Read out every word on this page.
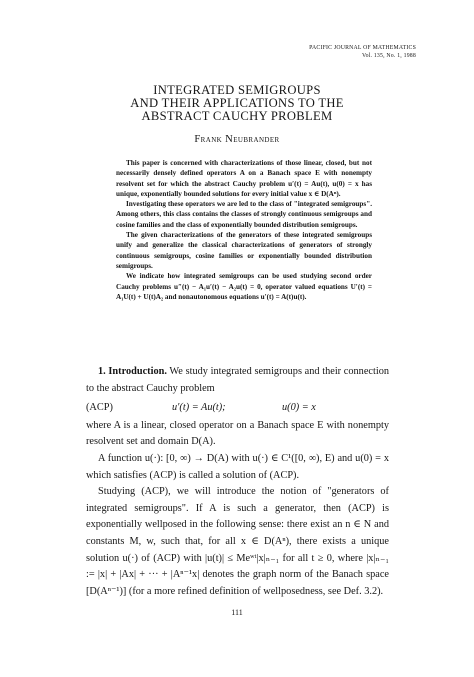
PACIFIC JOURNAL OF MATHEMATICS
Vol. 135, No. 1, 1988
INTEGRATED SEMIGROUPS
AND THEIR APPLICATIONS TO THE
ABSTRACT CAUCHY PROBLEM
Frank Neubrander

This paper is concerned with characterizations of those linear, closed, but not necessarily densely defined operators A on a Banach space E with nonempty resolvent set for which the abstract Cauchy problem u′(t) = Au(t), u(0) = x has unique, exponentially bounded solutions for every initial value x ∈ D(Aⁿ).

Investigating these operators we are led to the class of "integrated semigroups". Among others, this class contains the classes of strongly continuous semigroups and cosine families and the class of exponentially bounded distribution semigroups.

The given characterizations of the generators of these integrated semigroups unify and generalize the classical characterizations of generators of strongly continuous semigroups, cosine families or exponentially bounded distribution semigroups.

We indicate how integrated semigroups can be used studying second order Cauchy problems u″(t) − A₁u′(t) − A₂u(t) = 0, operator valued equations U′(t) = A₁U(t) + U(t)A₂ and nonautonomous equations u′(t) = A(t)u(t).

1. Introduction. We study integrated semigroups and their connection to the abstract Cauchy problem

(ACP)	u′(t) = Au(t);	u(0) = x

where A is a linear, closed operator on a Banach space E with nonempty resolvent set and domain D(A).

A function u(·): [0, ∞) → D(A) with u(·) ∈ C¹([0, ∞), E) and u(0) = x which satisfies (ACP) is called a solution of (ACP).

Studying (ACP), we will introduce the notion of "generators of integrated semigroups". If A is such a generator, then (ACP) is exponentially wellposed in the following sense: there exist an n ∈ N and constants M, w, such that, for all x ∈ D(Aⁿ), there exists a unique solution u(·) of (ACP) with |u(t)| ≤ Meʷᵗ|x|ₙ₋₁ for all t ≥ 0, where |x|ₙ₋₁ := |x| + |Ax| + ··· + |Aⁿ⁻¹x| denotes the graph norm of the Banach space [D(Aⁿ⁻¹)] (for a more refined definition of wellposedness, see Def. 3.2).

111
